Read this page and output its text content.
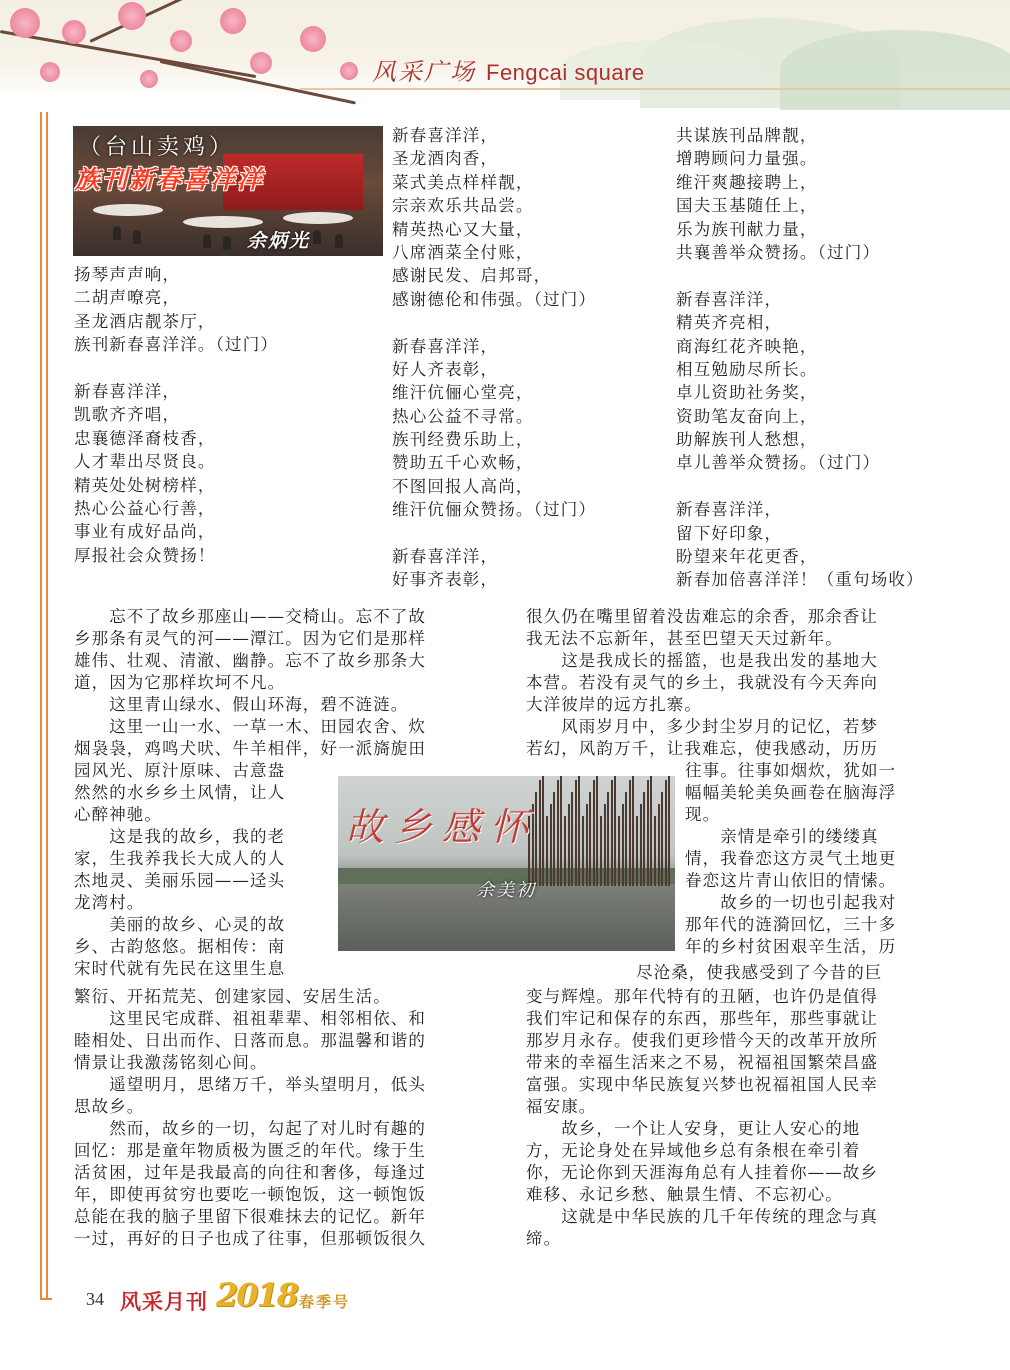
风采广场 Fengcai square
（台山卖鸡）
族刊新春喜洋洋
余炳光
扬琴声声响，
二胡声嘹亮，
圣龙酒店靓茶厅，
族刊新春喜洋洋。（过门）
新春喜洋洋，
凯歌齐齐唱，
忠襄德泽裔枝香，
人才辈出尽贤良。
精英处处树榜样，
热心公益心行善，
事业有成好品尚，
厚报社会众赞扬！
新春喜洋洋，
圣龙酒肉香，
菜式美点样样靓，
宗亲欢乐共品尝。
精英热心又大量，
八席酒菜全付账，
感谢民发、启邦哥，
感谢德伦和伟强。（过门）
新春喜洋洋，
好人齐表彰，
维汗伉俪心堂亮，
热心公益不寻常。
族刊经费乐助上，
赞助五千心欢畅，
不图回报人高尚，
维汗伉俪众赞扬。（过门）
新春喜洋洋，
好事齐表彰，
共谋族刊品牌靓，
增聘顾问力量强。
维汗爽趣接聘上，
国夫玉基随任上，
乐为族刊献力量，
共襄善举众赞扬。（过门）
新春喜洋洋，
精英齐亮相，
商海红花齐映艳，
相互勉励尽所长。
卓儿资助社务奖，
资助笔友奋向上，
助解族刊人愁想，
卓儿善举众赞扬。（过门）
新春喜洋洋，
留下好印象，
盼望来年花更香，
新春加倍喜洋洋！（重句场收）
故乡感怀
余美初
　　忘不了故乡那座山——交椅山。忘不了故
乡那条有灵气的河——潭江。因为它们是那样
雄伟、壮观、清澈、幽静。忘不了故乡那条大
道，因为它那样坎坷不凡。
　　这里青山绿水、假山环海，碧不涟涟。
　　这里一山一水、一草一木、田园农舍、炊
烟袅袅，鸡鸣犬吠、牛羊相伴，好一派旖旎田
园风光、原汁原味、古意盎
然然的水乡乡土风情，让人
心醉神驰。
　　这是我的故乡，我的老
家，生我养我长大成人的人
杰地灵、美丽乐园——迳头
龙湾村。
　　美丽的故乡、心灵的故
乡、古韵悠悠。据相传：南
宋时代就有先民在这里生息
繁衍、开拓荒芜、创建家园、安居生活。
　　这里民宅成群、祖祖辈辈、相邻相依、和
睦相处、日出而作、日落而息。那温馨和谐的
情景让我激荡铭刻心间。
　　遥望明月，思绪万千，举头望明月，低头
思故乡。
　　然而，故乡的一切，勾起了对儿时有趣的
回忆：那是童年物质极为匮乏的年代。缘于生
活贫困，过年是我最高的向往和奢侈，每逢过
年，即使再贫穷也要吃一顿饱饭，这一顿饱饭
总能在我的脑子里留下很难抹去的记忆。新年
一过，再好的日子也成了往事，但那顿饭很久
很久仍在嘴里留着没齿难忘的余香，那余香让
我无法不忘新年，甚至巴望天天过新年。
　　这是我成长的摇篮，也是我出发的基地大
本营。若没有灵气的乡土，我就没有今天奔向
大洋彼岸的远方扎寨。
　　风雨岁月中，多少封尘岁月的记忆，若梦
若幻，风韵万千，让我难忘，使我感动，历历
往事。往事如烟炊，犹如一
幅幅美轮美奂画卷在脑海浮
现。
　　亲情是牵引的缕缕真
情，我眷恋这方灵气土地更
眷恋这片青山依旧的情愫。
　　故乡的一切也引起我对
那年代的涟漪回忆，三十多
年的乡村贫困艰辛生活，历
尽沧桑，使我感受到了今昔的巨
变与辉煌。那年代特有的丑陋，也许仍是值得
我们牢记和保存的东西，那些年，那些事就让
那岁月永存。使我们更珍惜今天的改革开放所
带来的幸福生活来之不易，祝福祖国繁荣昌盛
富强。实现中华民族复兴梦也祝福祖国人民幸
福安康。
　　故乡，一个让人安身，更让人安心的地
方，无论身处在异域他乡总有条根在牵引着
你，无论你到天涯海角总有人挂着你——故乡
难移、永记乡愁、触景生情、不忘初心。
　　这就是中华民族的几千年传统的理念与真
缔。
34 风采月刊 2018 春季号
